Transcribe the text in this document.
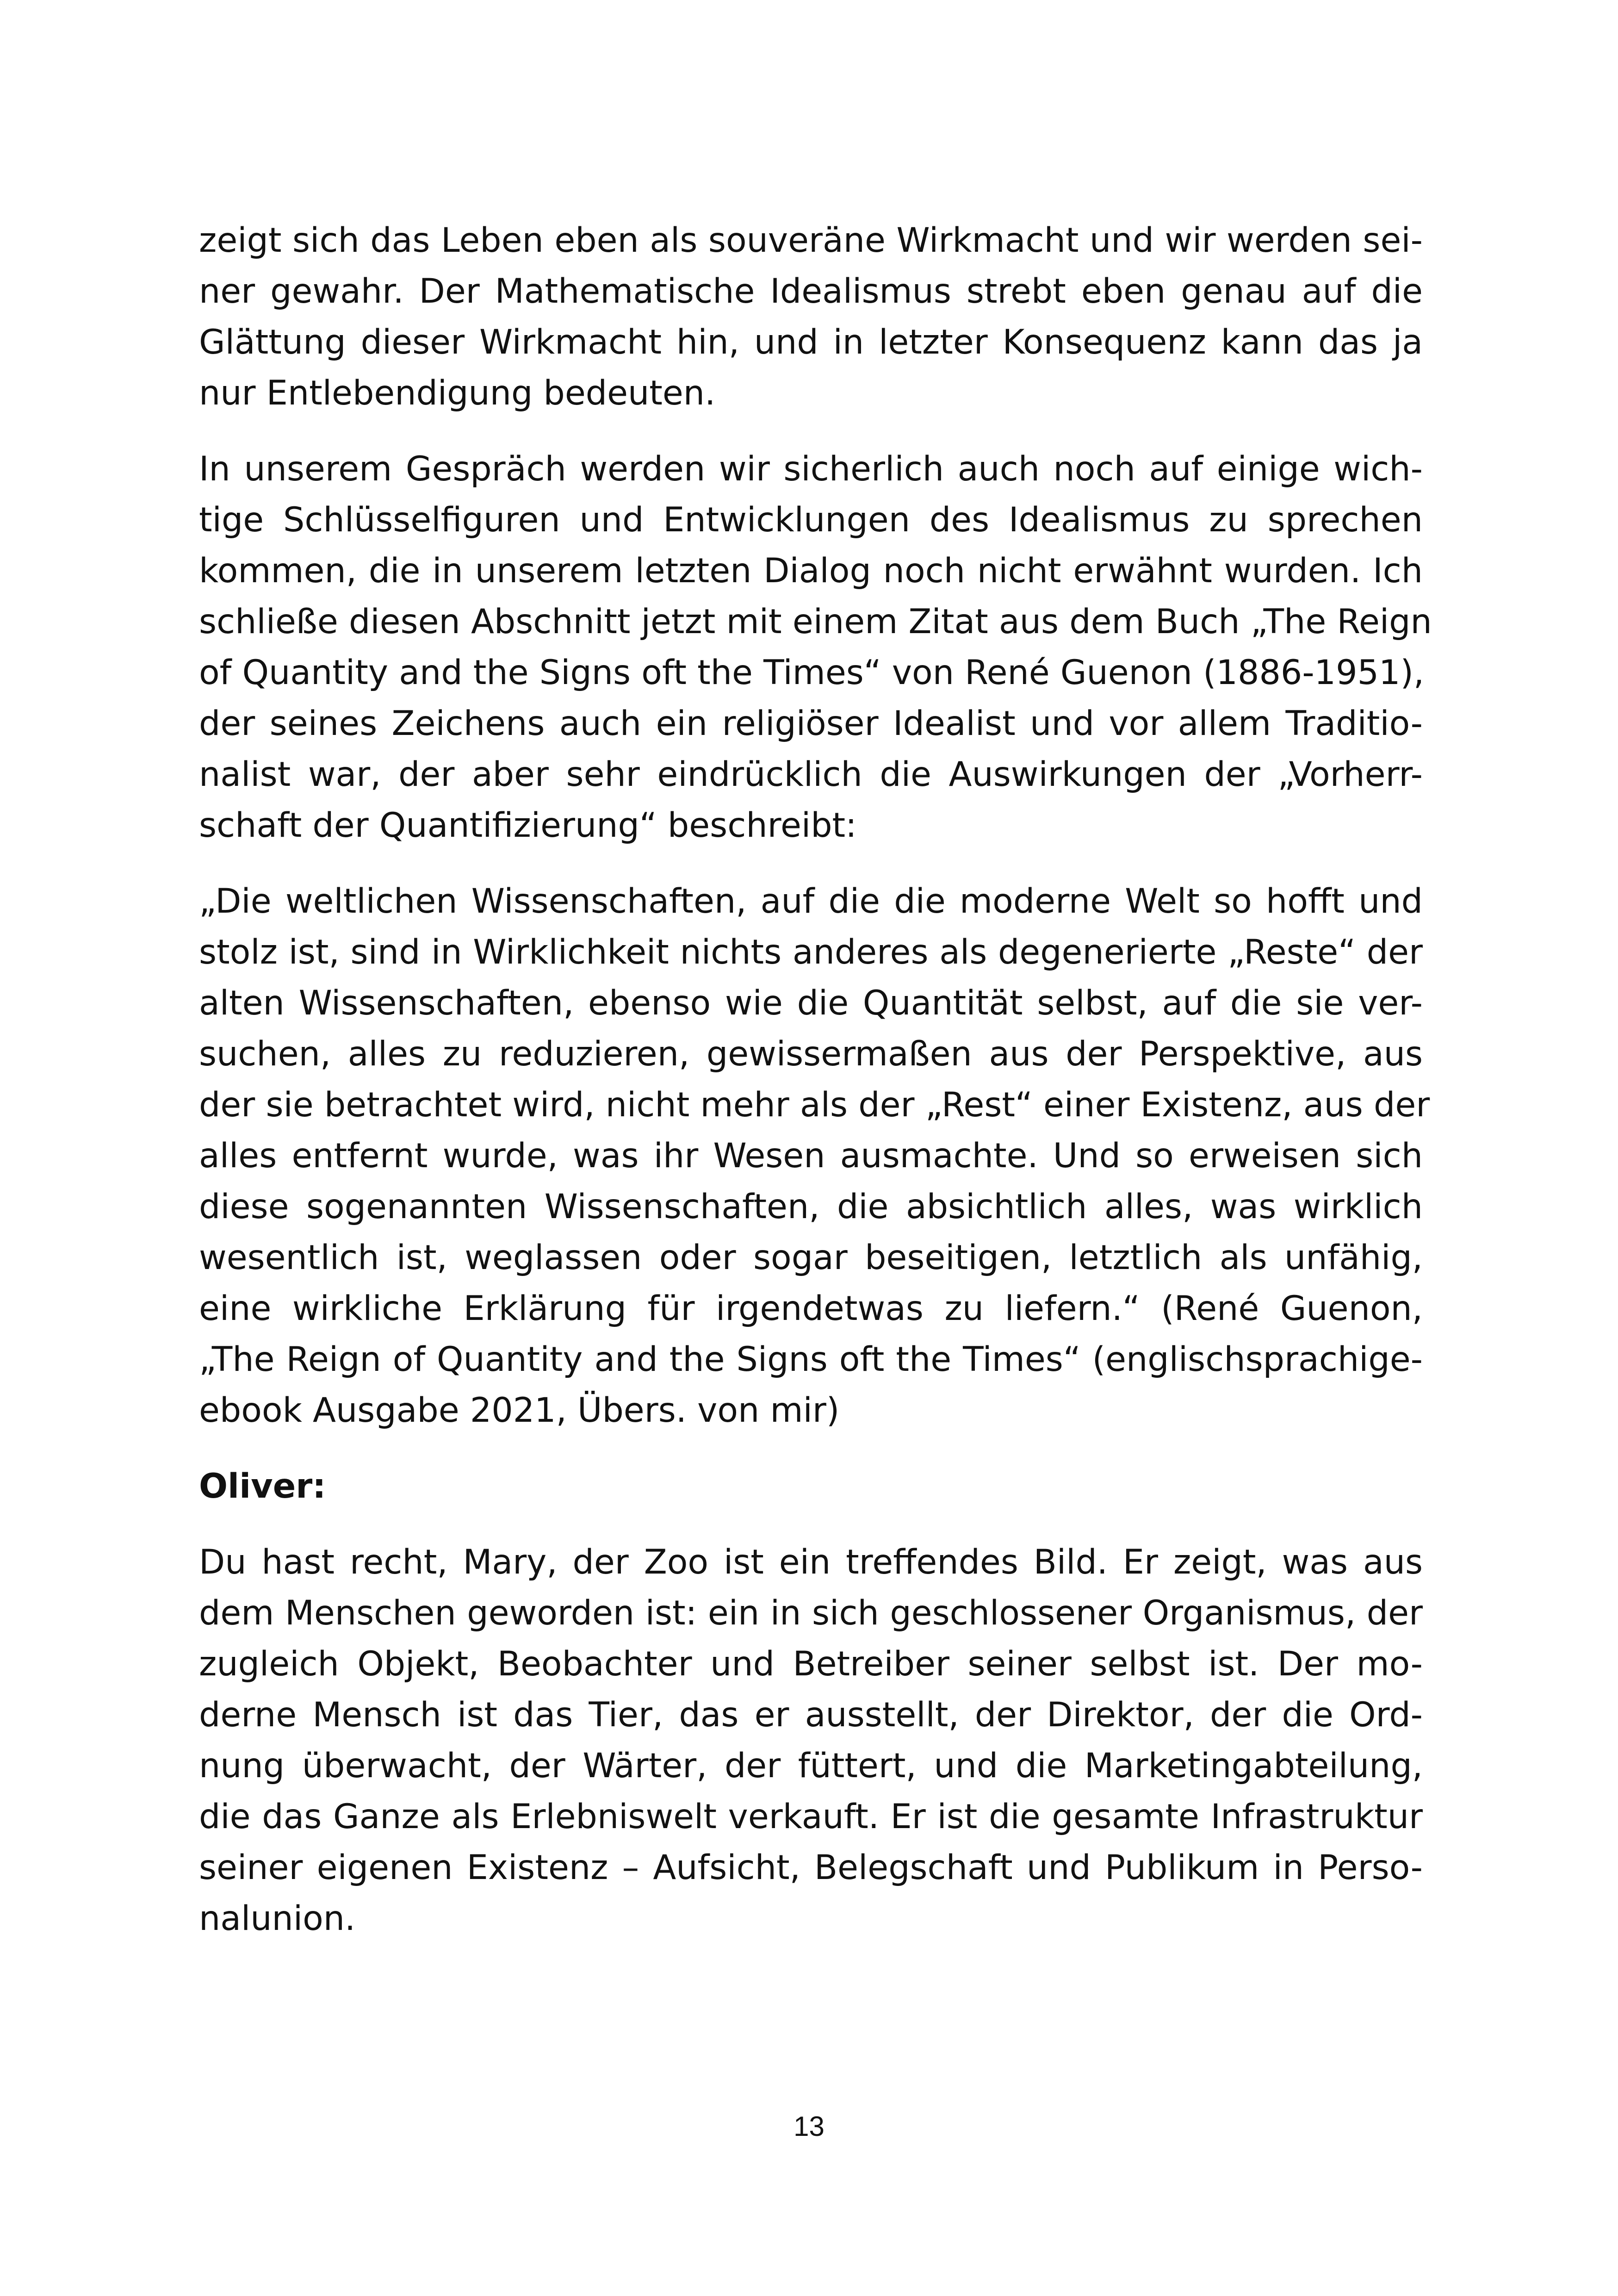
zeigt sich das Leben eben als souveräne Wirkmacht und wir werden sei-
ner gewahr. Der Mathematische Idealismus strebt eben genau auf die
Glättung dieser Wirkmacht hin, und in letzter Konsequenz kann das ja
nur Entlebendigung bedeuten.
In unserem Gespräch werden wir sicherlich auch noch auf einige wich-
tige Schlüsselfiguren und Entwicklungen des Idealismus zu sprechen
kommen, die in unserem letzten Dialog noch nicht erwähnt wurden. Ich
schließe diesen Abschnitt jetzt mit einem Zitat aus dem Buch „The Reign
of Quantity and the Signs oft the Times“ von René Guenon (1886-1951),
der seines Zeichens auch ein religiöser Idealist und vor allem Traditio-
nalist war, der aber sehr eindrücklich die Auswirkungen der „Vorherr-
schaft der Quantifizierung“ beschreibt:
„Die weltlichen Wissenschaften, auf die die moderne Welt so hofft und
stolz ist, sind in Wirklichkeit nichts anderes als degenerierte „Reste“ der
alten Wissenschaften, ebenso wie die Quantität selbst, auf die sie ver-
suchen, alles zu reduzieren, gewissermaßen aus der Perspektive, aus
der sie betrachtet wird, nicht mehr als der „Rest“ einer Existenz, aus der
alles entfernt wurde, was ihr Wesen ausmachte. Und so erweisen sich
diese sogenannten Wissenschaften, die absichtlich alles, was wirklich
wesentlich ist, weglassen oder sogar beseitigen, letztlich als unfähig,
eine wirkliche Erklärung für irgendetwas zu liefern.“ (René Guenon,
„The Reign of Quantity and the Signs oft the Times“ (englischsprachige-
ebook Ausgabe 2021, Übers. von mir)
Oliver:
Du hast recht, Mary, der Zoo ist ein treffendes Bild. Er zeigt, was aus
dem Menschen geworden ist: ein in sich geschlossener Organismus, der
zugleich Objekt, Beobachter und Betreiber seiner selbst ist. Der mo-
derne Mensch ist das Tier, das er ausstellt, der Direktor, der die Ord-
nung überwacht, der Wärter, der füttert, und die Marketingabteilung,
die das Ganze als Erlebniswelt verkauft. Er ist die gesamte Infrastruktur
seiner eigenen Existenz – Aufsicht, Belegschaft und Publikum in Perso-
nalunion.
13
